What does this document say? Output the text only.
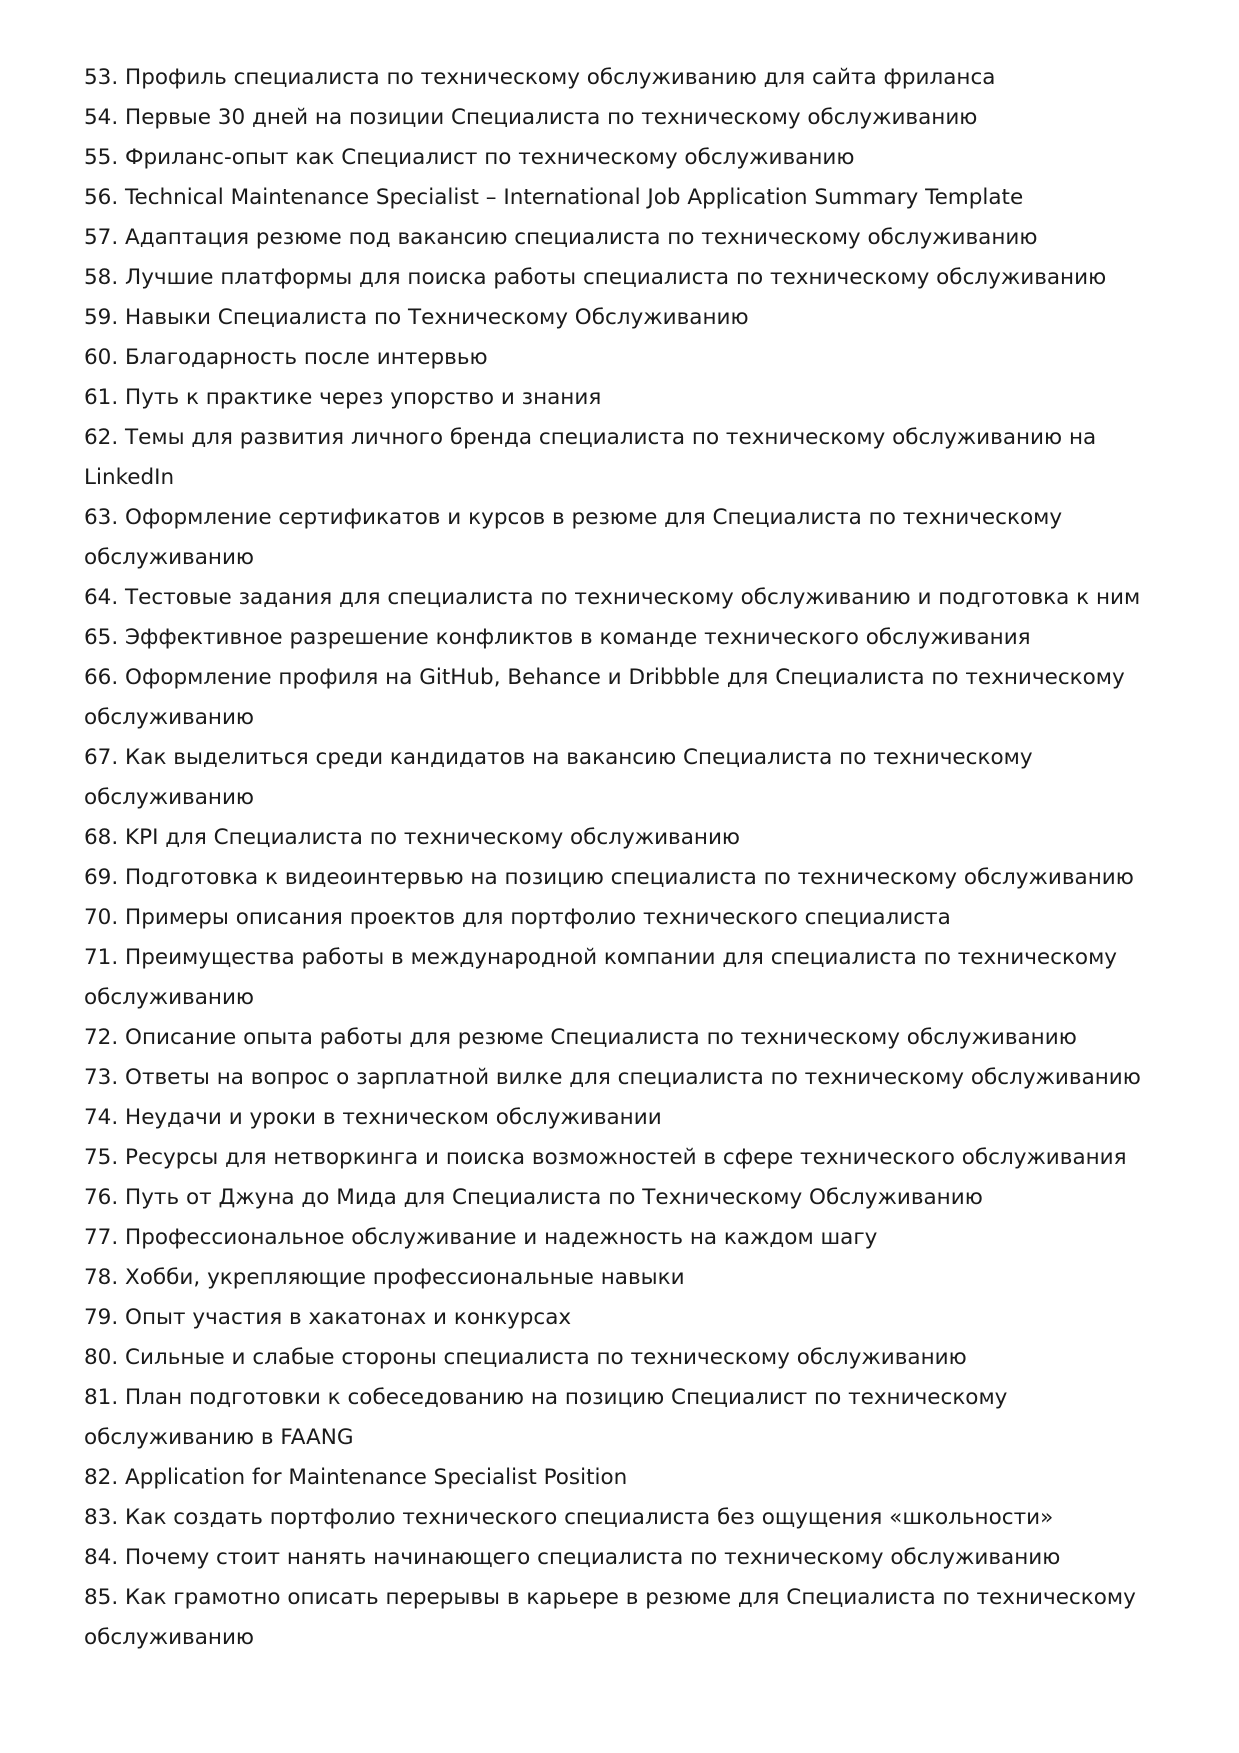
53. Профиль специалиста по техническому обслуживанию для сайта фриланса

54. Первые 30 дней на позиции Специалиста по техническому обслуживанию

55. Фриланс-опыт как Специалист по техническому обслуживанию

56. Technical Maintenance Specialist – International Job Application Summary Template

57. Адаптация резюме под вакансию специалиста по техническому обслуживанию

58. Лучшие платформы для поиска работы специалиста по техническому обслуживанию

59. Навыки Специалиста по Техническому Обслуживанию

60. Благодарность после интервью

61. Путь к практике через упорство и знания

62. Темы для развития личного бренда специалиста по техническому обслуживанию на LinkedIn

63. Оформление сертификатов и курсов в резюме для Специалиста по техническому обслуживанию

64. Тестовые задания для специалиста по техническому обслуживанию и подготовка к ним

65. Эффективное разрешение конфликтов в команде технического обслуживания

66. Оформление профиля на GitHub, Behance и Dribbble для Специалиста по техническому обслуживанию

67. Как выделиться среди кандидатов на вакансию Специалиста по техническому обслуживанию

68. KPI для Специалиста по техническому обслуживанию

69. Подготовка к видеоинтервью на позицию специалиста по техническому обслуживанию

70. Примеры описания проектов для портфолио технического специалиста

71. Преимущества работы в международной компании для специалиста по техническому обслуживанию

72. Описание опыта работы для резюме Специалиста по техническому обслуживанию

73. Ответы на вопрос о зарплатной вилке для специалиста по техническому обслуживанию

74. Неудачи и уроки в техническом обслуживании

75. Ресурсы для нетворкинга и поиска возможностей в сфере технического обслуживания

76. Путь от Джуна до Мида для Специалиста по Техническому Обслуживанию

77. Профессиональное обслуживание и надежность на каждом шагу

78. Хобби, укрепляющие профессиональные навыки

79. Опыт участия в хакатонах и конкурсах

80. Сильные и слабые стороны специалиста по техническому обслуживанию

81. План подготовки к собеседованию на позицию Специалист по техническому обслуживанию в FAANG

82. Application for Maintenance Specialist Position

83. Как создать портфолио технического специалиста без ощущения «школьности»

84. Почему стоит нанять начинающего специалиста по техническому обслуживанию

85. Как грамотно описать перерывы в карьере в резюме для Специалиста по техническому обслуживанию
